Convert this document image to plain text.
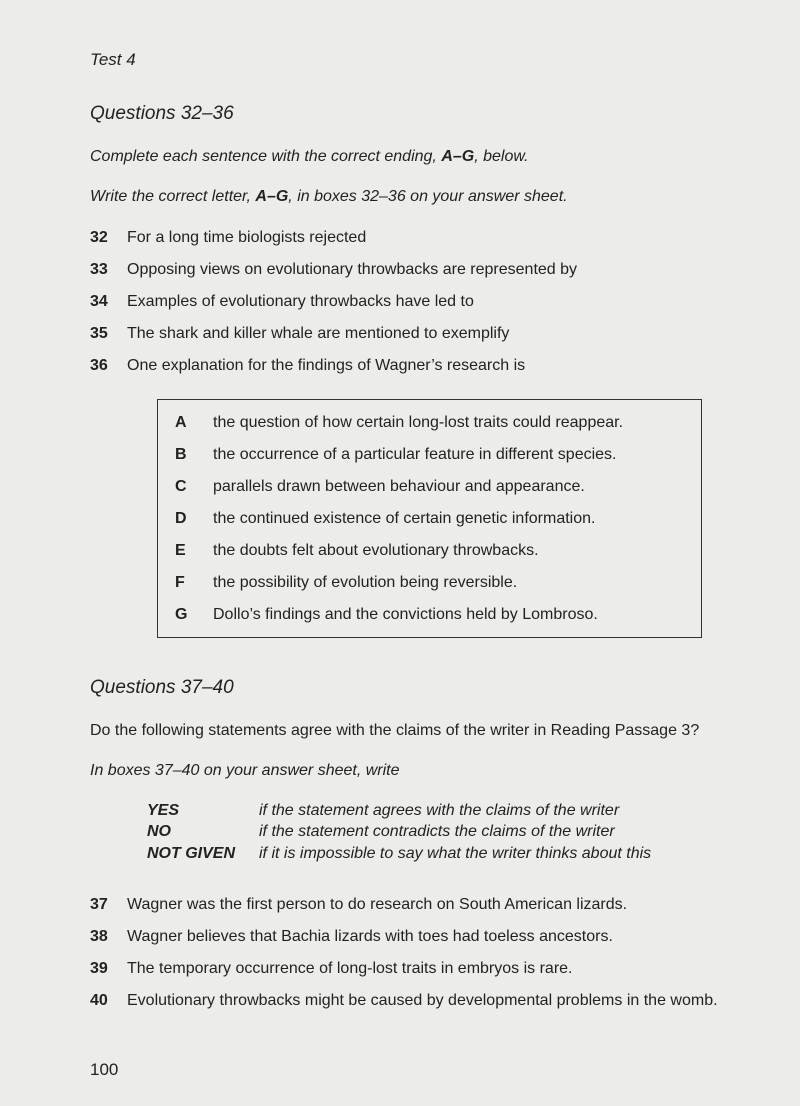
Test 4
Questions 32–36
Complete each sentence with the correct ending, A–G, below.
Write the correct letter, A–G, in boxes 32–36 on your answer sheet.
32 For a long time biologists rejected
33 Opposing views on evolutionary throwbacks are represented by
34 Examples of evolutionary throwbacks have led to
35 The shark and killer whale are mentioned to exemplify
36 One explanation for the findings of Wagner’s research is
A the question of how certain long-lost traits could reappear.
B the occurrence of a particular feature in different species.
C parallels drawn between behaviour and appearance.
D the continued existence of certain genetic information.
E the doubts felt about evolutionary throwbacks.
F the possibility of evolution being reversible.
G Dollo’s findings and the convictions held by Lombroso.
Questions 37–40
Do the following statements agree with the claims of the writer in Reading Passage 3?
In boxes 37–40 on your answer sheet, write
YES	if the statement agrees with the claims of the writer
NO	if the statement contradicts the claims of the writer
NOT GIVEN if it is impossible to say what the writer thinks about this
37 Wagner was the first person to do research on South American lizards.
38 Wagner believes that Bachia lizards with toes had toeless ancestors.
39 The temporary occurrence of long-lost traits in embryos is rare.
40 Evolutionary throwbacks might be caused by developmental problems in the womb.
100
